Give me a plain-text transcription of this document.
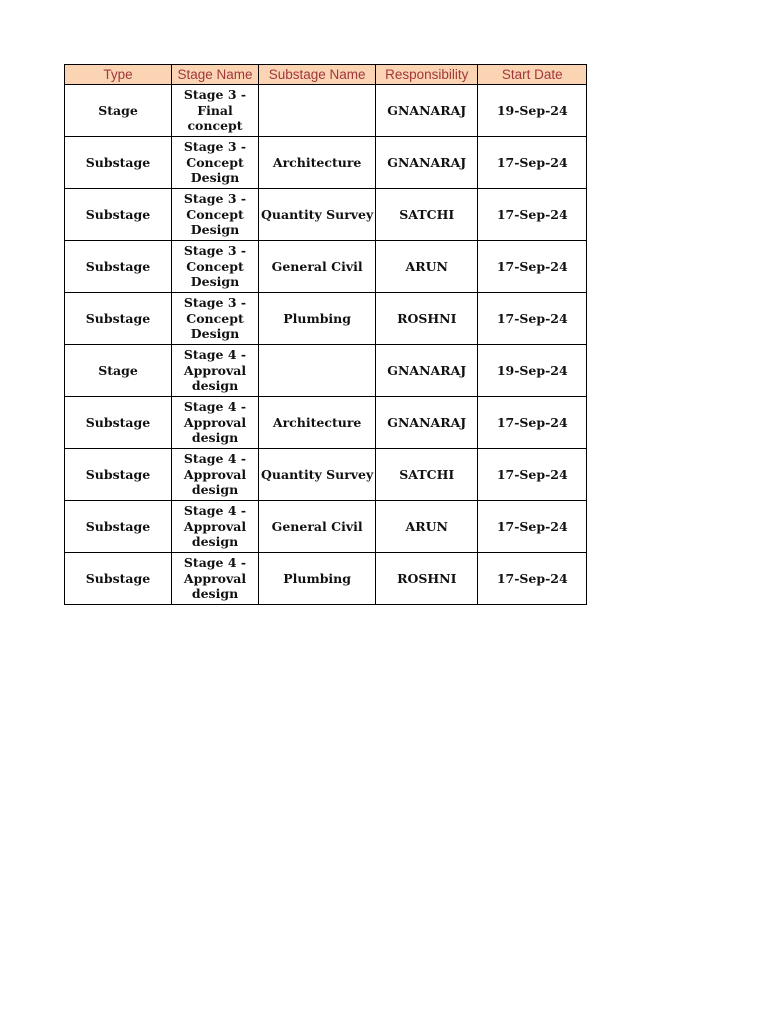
Type	Stage Name	Substage Name	Responsibility	Start Date
Stage	Stage 3 - Final concept		GNANARAJ	19-Sep-24
Substage	Stage 3 - Concept Design	Architecture	GNANARAJ	17-Sep-24
Substage	Stage 3 - Concept Design	Quantity Survey	SATCHI	17-Sep-24
Substage	Stage 3 - Concept Design	General Civil	ARUN	17-Sep-24
Substage	Stage 3 - Concept Design	Plumbing	ROSHNI	17-Sep-24
Stage	Stage 4 - Approval design		GNANARAJ	19-Sep-24
Substage	Stage 4 - Approval design	Architecture	GNANARAJ	17-Sep-24
Substage	Stage 4 - Approval design	Quantity Survey	SATCHI	17-Sep-24
Substage	Stage 4 - Approval design	General Civil	ARUN	17-Sep-24
Substage	Stage 4 - Approval design	Plumbing	ROSHNI	17-Sep-24
